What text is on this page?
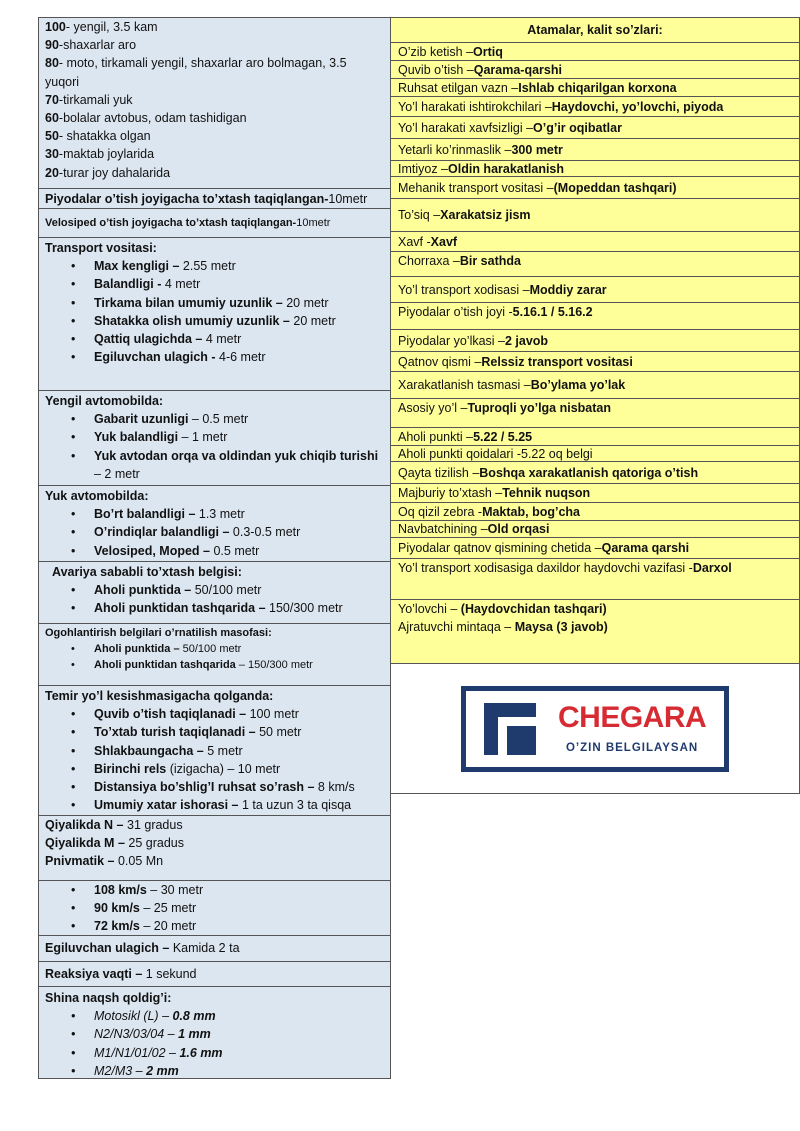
100- yengil, 3.5 kam
90-shaxarlar aro
80- moto, tirkamali yengil, shaxarlar aro bolmagan, 3.5 yuqori
70-tirkamali yuk
60-bolalar avtobus, odam tashidigan
50- shatakka olgan
30-maktab joylarida
20-turar joy dahalarida
Piyodalar o’tish joyigacha to’xtash taqiqlangan-10metr
Velosiped o’tish joyigacha to’xtash taqiqlangan-10metr
Transport vositasi:
• Max kengligi – 2.55 metr
• Balandligi - 4 metr
• Tirkama bilan umumiy uzunlik – 20 metr
• Shatakka olish umumiy uzunlik – 20 metr
• Qattiq ulagichda – 4 metr
• Egiluvchan ulagich - 4-6 metr
Yengil avtomobilda:
• Gabarit uzunligi – 0.5 metr
• Yuk balandligi – 1 metr
• Yuk avtodan orqa va oldindan yuk chiqib turishi – 2 metr
Yuk avtomobilda:
• Bo’rt balandligi – 1.3 metr
• O’rindiqlar balandligi – 0.3-0.5 metr
• Velosiped, Moped – 0.5 metr
Avariya sababli to’xtash belgisi:
• Aholi punktida – 50/100 metr
• Aholi punktidan tashqarida – 150/300 metr
Ogohlantirish belgilari o’rnatilish masofasi:
• Aholi punktida – 50/100 metr
• Aholi punktidan tashqarida – 150/300 metr
Temir yo’l kesishmasigacha qolganda:
• Quvib o’tish taqiqlanadi – 100 metr
• To’xtab turish taqiqlanadi – 50 metr
• Shlakbaungacha – 5 metr
• Birinchi rels (izigacha) – 10 metr
• Distansiya bo’shlig’I ruhsat so’rash – 8 km/s
• Umumiy xatar ishorasi – 1 ta uzun 3 ta qisqa
Qiyalikda N – 31 gradus
Qiyalikda M – 25 gradus
Pnivmatik – 0.05 Mn
• 108 km/s – 30 metr
• 90 km/s – 25 metr
• 72 km/s – 20 metr
Egiluvchan ulagich – Kamida 2 ta
Reaksiya vaqti – 1 sekund
Shina naqsh qoldig’i:
• Motosikl (L) – 0.8 mm
• N2/N3/03/04 – 1 mm
• M1/N1/01/02 – 1.6 mm
• M2/M3 – 2 mm
Atamalar, kalit so’zlari:
O’zib ketish – Ortiq
Quvib o’tish – Qarama-qarshi
Ruhsat etilgan vazn – Ishlab chiqarilgan korxona
Yo’l harakati ishtirokchilari – Haydovchi, yo’lovchi, piyoda
Yo’l harakati xavfsizligi – O’g’ir oqibatlar
Yetarli ko’rinmaslik – 300 metr
Imtiyoz – Oldin harakatlanish
Mehanik transport vositasi – (Mopeddan tashqari)
To’siq – Xarakatsiz jism
Xavf - Xavf
Chorraxa – Bir sathda
Yo’l transport xodisasi – Moddiy zarar
Piyodalar o’tish joyi - 5.16.1 / 5.16.2
Piyodalar yo’lkasi – 2 javob
Qatnov qismi – Relssiz transport vositasi
Xarakatlanish tasmasi – Bo’ylama yo’lak
Asosiy yo’l – Tuproqli yo’lga nisbatan
Aholi punkti – 5.22 / 5.25
Aholi punkti qoidalari -5.22 oq belgi
Qayta tizilish – Boshqa xarakatlanish qatoriga o’tish
Majburiy to’xtash – Tehnik nuqson
Oq qizil zebra - Maktab, bog’cha
Navbatchining – Old orqasi
Piyodalar qatnov qismining chetida – Qarama qarshi
Yo’l transport xodisasiga daxildor haydovchi vazifasi - Darxol
Yo’lovchi – (Haydovchidan tashqari)
Ajratuvchi mintaqa – Maysa (3 javob)
CHEGARA
O’ZIN BELGILAYSAN
